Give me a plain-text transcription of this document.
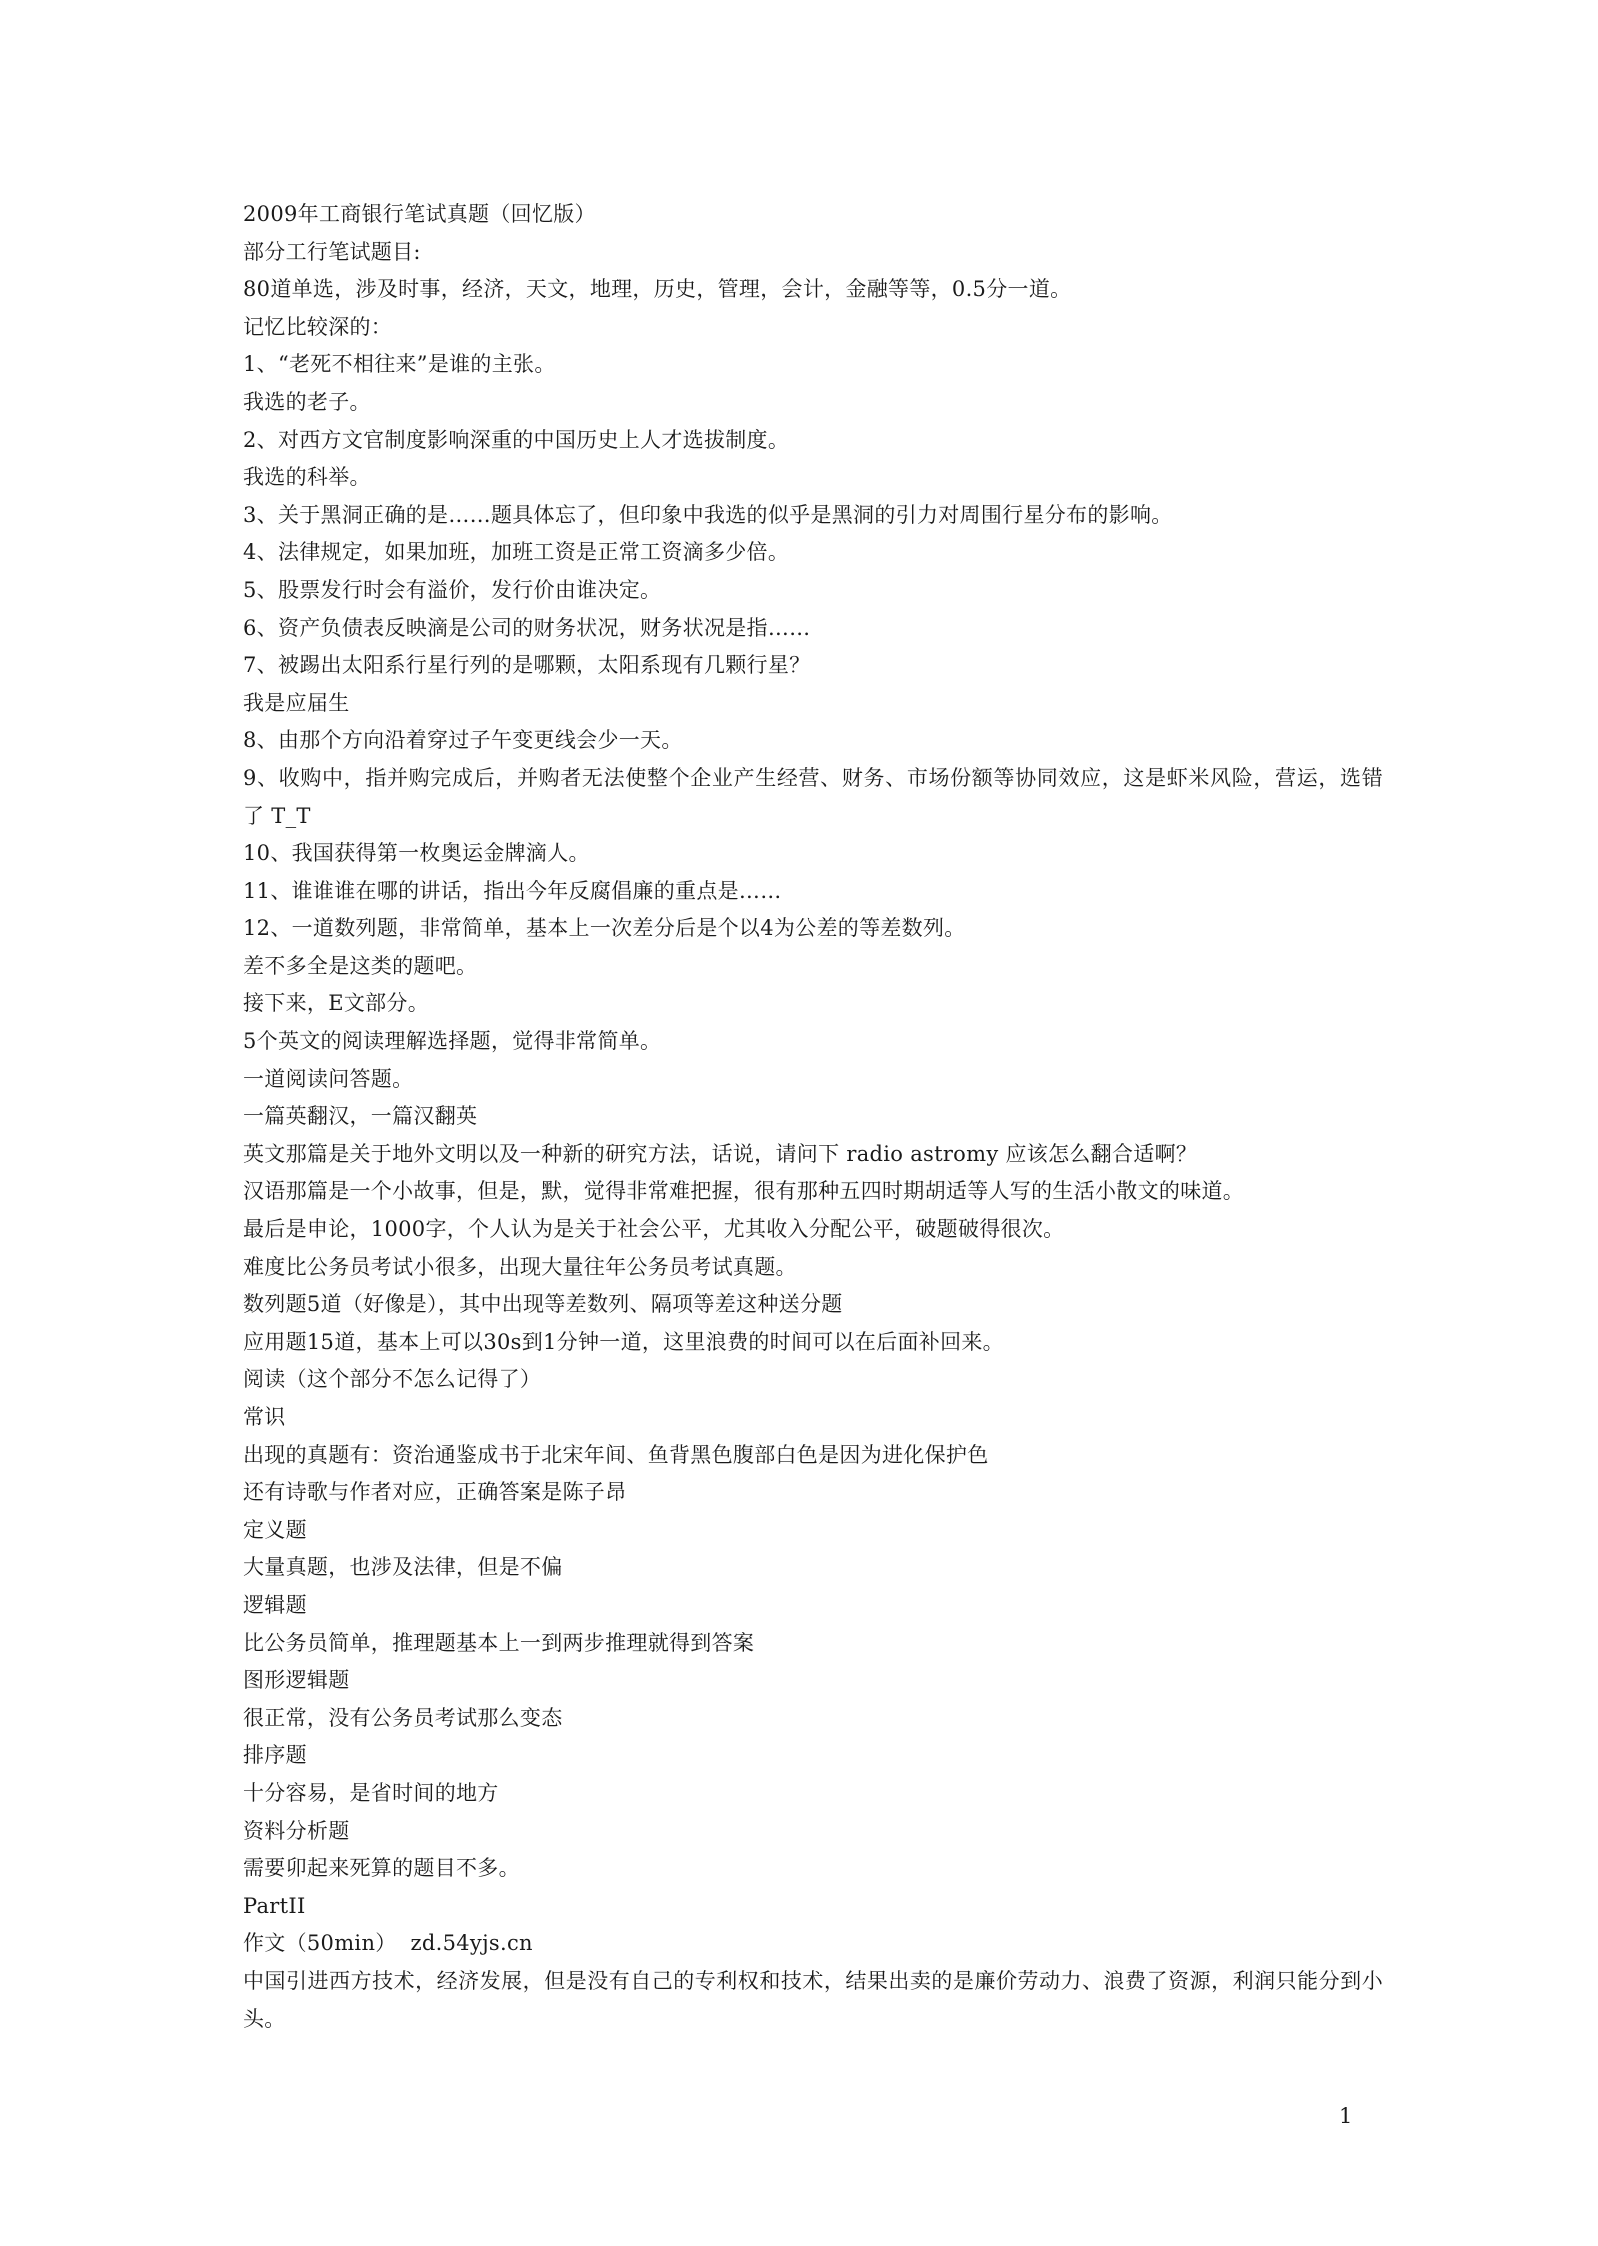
2009年工商银行笔试真题（回忆版）
部分工行笔试题目:
80道单选，涉及时事，经济，天文，地理，历史，管理，会计，金融等等，0.5分一道。
记忆比较深的：
1、“老死不相往来”是谁的主张。
我选的老子。
2、对西方文官制度影响深重的中国历史上人才选拔制度。
我选的科举。
3、关于黑洞正确的是……题具体忘了，但印象中我选的似乎是黑洞的引力对周围行星分布的影响。
4、法律规定，如果加班，加班工资是正常工资滴多少倍。
5、股票发行时会有溢价，发行价由谁决定。
6、资产负债表反映滴是公司的财务状况，财务状况是指……
7、被踢出太阳系行星行列的是哪颗，太阳系现有几颗行星？
我是应届生
8、由那个方向沿着穿过子午变更线会少一天。
9、收购中，指并购完成后，并购者无法使整个企业产生经营、财务、市场份额等协同效应，这是虾米风险，营运，选错了 T_T
10、我国获得第一枚奥运金牌滴人。
11、谁谁谁在哪的讲话，指出今年反腐倡廉的重点是……
12、一道数列题，非常简单，基本上一次差分后是个以4为公差的等差数列。
差不多全是这类的题吧。
接下来，E文部分。
5个英文的阅读理解选择题，觉得非常简单。
一道阅读问答题。
一篇英翻汉，一篇汉翻英
英文那篇是关于地外文明以及一种新的研究方法，话说，请问下 radio astromy 应该怎么翻合适啊？
汉语那篇是一个小故事，但是，默，觉得非常难把握，很有那种五四时期胡适等人写的生活小散文的味道。
最后是申论，1000字，个人认为是关于社会公平，尤其收入分配公平，破题破得很次。
难度比公务员考试小很多，出现大量往年公务员考试真题。
数列题5道（好像是），其中出现等差数列、隔项等差这种送分题
应用题15道，基本上可以30s到1分钟一道，这里浪费的时间可以在后面补回来。
阅读（这个部分不怎么记得了）
常识
出现的真题有：资治通鉴成书于北宋年间、鱼背黑色腹部白色是因为进化保护色
还有诗歌与作者对应，正确答案是陈子昂
定义题
大量真题，也涉及法律，但是不偏
逻辑题
比公务员简单，推理题基本上一到两步推理就得到答案
图形逻辑题
很正常，没有公务员考试那么变态
排序题
十分容易，是省时间的地方
资料分析题
需要卯起来死算的题目不多。
PartII
作文（50min）  zd.54yjs.cn
中国引进西方技术，经济发展，但是没有自己的专利权和技术，结果出卖的是廉价劳动力、浪费了资源，利润只能分到小头。
1
